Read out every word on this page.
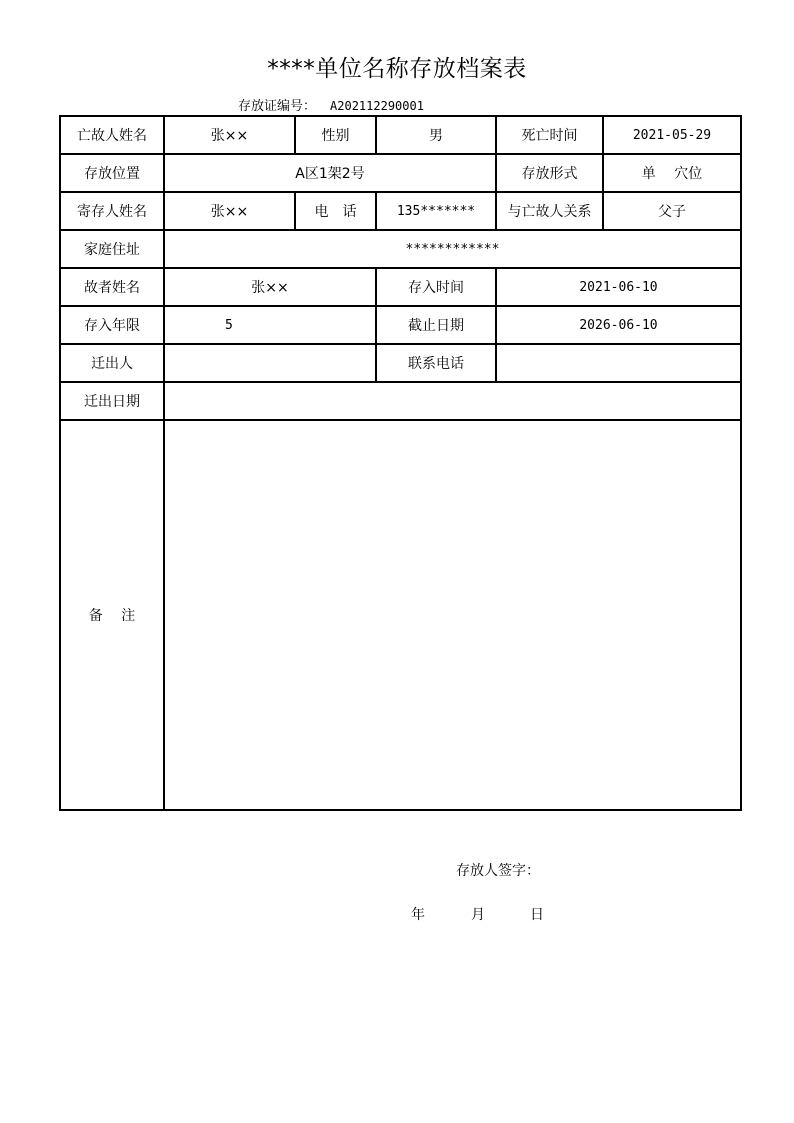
****单位名称存放档案表
存放证编号： A202112290001
亡故人姓名	张××	性别	男	死亡时间	2021-05-29
存放位置	A区1架2号			存放形式	单　 穴位
寄存人姓名	张××	电　话	135*******	与亡故人关系	父子
家庭住址	************				
故者姓名	张××		存入时间	2021-06-10	
存入年限	5		截止日期	2026-06-10	
迁出人			联系电话		
迁出日期					
备　 注					
存放人签字：
年	月	日
